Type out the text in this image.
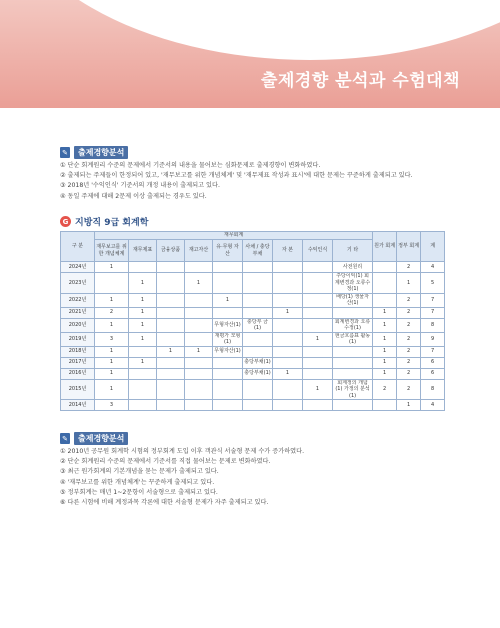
출제경향 분석과 수험대책
✎	출제경향분석
① 단순 회계원리 수준의 문제에서 기준서의 내용을 물어보는 심화문제로 출제경향이 변화하였다.
② 출제되는 주제들이 한정되어 있고, '재무보고를 위한 개념체계' 및 '재무제표 작성과 표시'에 대한 문제는 꾸준하게 출제되고 있다.
③ 2018년 '수익인식' 기준서의 개정 내용이 출제되고 있다.
④ 동일 주제에 대해 2문제 이상 출제되는 경우도 있다.
G 지방직 9급 회계학
구 분	재무회계									원가 회계	정부 회계	계
	재무보고를 위한 개념체계	재무제표	금융상품	재고자산	유·무형 자산	사채 / 충당부채	자 본	수익인식	기 타			
2024년	1								사전원리		2	4
2023년		1		1					주당이익(1) 회계변경과 오류수정(1)		1	5
2022년	1	1			1				배당(1) 생물자산(1)		2	7
2021년	2	1					1			1	2	7
2020년	1	1			무형자산(1)	충당부 금(1)			회계변경과 오류수정(1)	1	2	8
2019년	3	1			재평가 모형(1)			1	현금흐름표 활동(1)	1	2	9
2018년	1		1	1	무형자산(1)					1	2	7
2017년	1	1				충당부채(1)				1	2	6
2016년	1					충당부채(1)	1			1	2	6
2015년	1							1	회계정의 개념(1) 가정의 분석(1)	2	2	8
2014년	3										1	4
✎	출제경향분석
① 2010년 공무원 회계학 시험의 정부회계 도입 이후 객관식 서술형 문제 수가 증가하였다.
② 단순 회계원리 수준의 문제에서 기준서를 직접 물어보는 문제로 변화하였다.
③ 최근 원가회계의 기본개념을 묻는 문제가 출제되고 있다.
④ '재무보고를 위한 개념체계'는 꾸준하게 출제되고 있다.
⑤ 정부회계는 매년 1~2문항이 서술형으로 출제되고 있다.
⑥ 다른 시험에 비해 계정과목 각론에 대한 서술형 문제가 자주 출제되고 있다.
